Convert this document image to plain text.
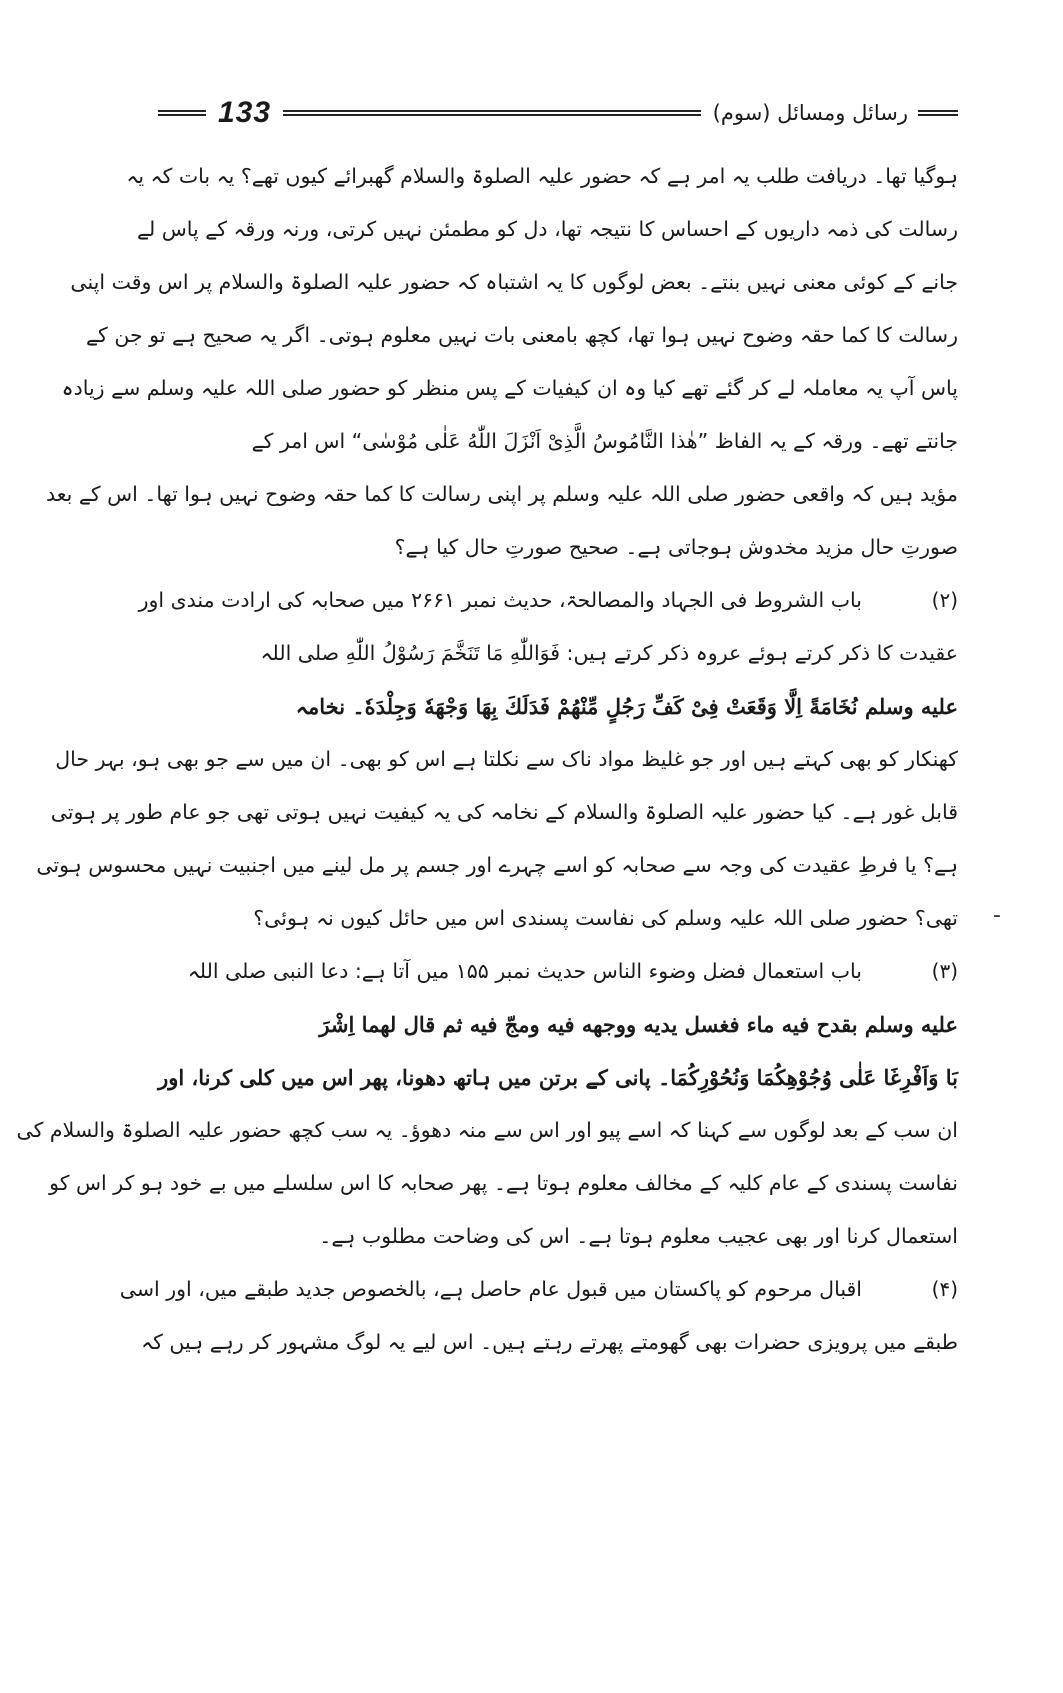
133	رسائل ومسائل (سوم)
ہوگیا تھا۔ دریافت طلب یہ امر ہے کہ حضور علیہ الصلوۃ والسلام گھبرائے کیوں تھے؟ یہ بات کہ یہ
رسالت کی ذمہ داریوں کے احساس کا نتیجہ تھا، دل کو مطمئن نہیں کرتی، ورنہ ورقہ کے پاس لے
جانے کے کوئی معنی نہیں بنتے۔ بعض لوگوں کا یہ اشتباہ کہ حضور علیہ الصلوۃ والسلام پر اس وقت اپنی
رسالت کا کما حقہ وضوح نہیں ہوا تھا، کچھ بامعنی بات نہیں معلوم ہوتی۔ اگر یہ صحیح ہے تو جن کے
پاس آپ یہ معاملہ لے کر گئے تھے کیا وہ ان کیفیات کے پس منظر کو حضور صلی اللہ علیہ وسلم سے زیادہ
جانتے تھے۔ ورقہ کے یہ الفاظ ”هٰذا النَّامُوسُ الَّذِیْ اَنْزَلَ اللّٰهُ عَلٰی مُوْسٰی“ اس امر کے
مؤید ہیں کہ واقعی حضور صلی اللہ علیہ وسلم پر اپنی رسالت کا کما حقہ وضوح نہیں ہوا تھا۔ اس کے بعد
صورتِ حال مزید مخدوش ہوجاتی ہے۔ صحیح صورتِ حال کیا ہے؟
(۲)باب الشروط فی الجہاد والمصالحۃ، حدیث نمبر ۲۶۶۱ میں صحابہ کی ارادت مندی اور
عقیدت کا ذکر کرتے ہوئے عروہ ذکر کرتے ہیں: فَوَاللّٰهِ مَا تَنَخَّمَ رَسُوْلُ اللّٰهِ صلی اللہ
علیه وسلم نُخَامَةً اِلَّا وَقَعَتْ فِیْ كَفِّ رَجُلٍ مِّنْهُمْ فَدَلَكَ بِهَا وَجْهَهٗ وَجِلْدَهٗ۔ نخامہ
کھنکار کو بھی کہتے ہیں اور جو غلیظ مواد ناک سے نکلتا ہے اس کو بھی۔ ان میں سے جو بھی ہو، بہر حال
قابل غور ہے۔ کیا حضور علیہ الصلوۃ والسلام کے نخامہ کی یہ کیفیت نہیں ہوتی تھی جو عام طور پر ہوتی
ہے؟ یا فرطِ عقیدت کی وجہ سے صحابہ کو اسے چہرے اور جسم پر مل لینے میں اجنبیت نہیں محسوس ہوتی
تھی؟ حضور صلی اللہ علیہ وسلم کی نفاست پسندی اس میں حائل کیوں نہ ہوئی؟
(۳)باب استعمال فضل وضوء الناس حدیث نمبر ۱۵۵ میں آتا ہے: دعا النبی صلی اللہ
علیه وسلم بقدح فیه ماء فغسل یدیه ووجهه فیه ومجّ فیه ثم قال لهما اِشْرَ
بَا وَاَفْرِغَا عَلٰی وُجُوْهِكُمَا وَنُحُوْرِكُمَا۔ پانی کے برتن میں ہاتھ دھونا، پھر اس میں کلی کرنا، اور
ان سب کے بعد لوگوں سے کہنا کہ اسے پیو اور اس سے منہ دھوؤ۔ یہ سب کچھ حضور علیہ الصلوۃ والسلام کی
نفاست پسندی کے عام کلیہ کے مخالف معلوم ہوتا ہے۔ پھر صحابہ کا اس سلسلے میں بے خود ہو کر اس کو
استعمال کرنا اور بھی عجیب معلوم ہوتا ہے۔ اس کی وضاحت مطلوب ہے۔
(۴)اقبال مرحوم کو پاکستان میں قبول عام حاصل ہے، بالخصوص جدید طبقے میں، اور اسی
طبقے میں پرویزی حضرات بھی گھومتے پھرتے رہتے ہیں۔ اس لیے یہ لوگ مشہور کر رہے ہیں کہ
-
